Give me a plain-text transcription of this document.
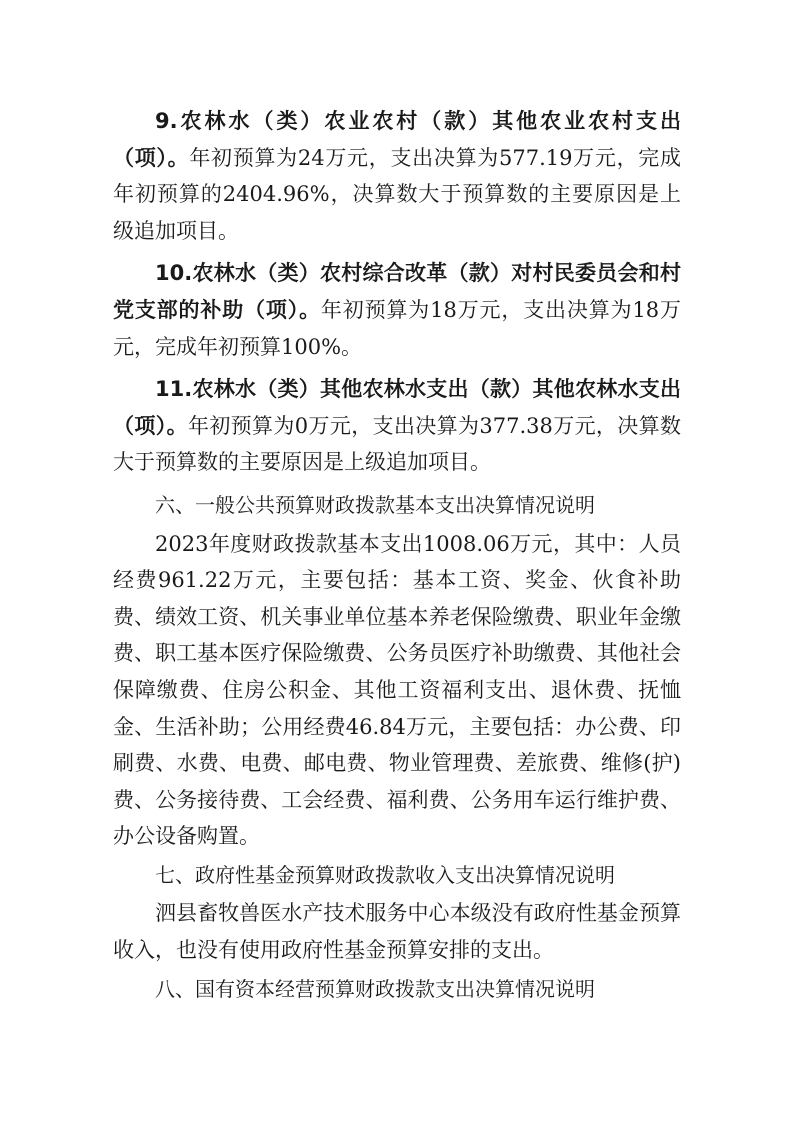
9.农林水（类）农业农村（款）其他农业农村支出（项）。年初预算为24万元，支出决算为577.19万元，完成年初预算的2404.96%，决算数大于预算数的主要原因是上级追加项目。

10.农林水（类）农村综合改革（款）对村民委员会和村党支部的补助（项）。年初预算为18万元，支出决算为18万元，完成年初预算100%。

11.农林水（类）其他农林水支出（款）其他农林水支出（项）。年初预算为0万元，支出决算为377.38万元，决算数大于预算数的主要原因是上级追加项目。

六、一般公共预算财政拨款基本支出决算情况说明

2023年度财政拨款基本支出1008.06万元，其中：人员经费961.22万元，主要包括：基本工资、奖金、伙食补助费、绩效工资、机关事业单位基本养老保险缴费、职业年金缴费、职工基本医疗保险缴费、公务员医疗补助缴费、其他社会保障缴费、住房公积金、其他工资福利支出、退休费、抚恤金、生活补助；公用经费46.84万元，主要包括：办公费、印刷费、水费、电费、邮电费、物业管理费、差旅费、维修(护)费、公务接待费、工会经费、福利费、公务用车运行维护费、办公设备购置。

七、政府性基金预算财政拨款收入支出决算情况说明

泗县畜牧兽医水产技术服务中心本级没有政府性基金预算收入，也没有使用政府性基金预算安排的支出。

八、国有资本经营预算财政拨款支出决算情况说明
